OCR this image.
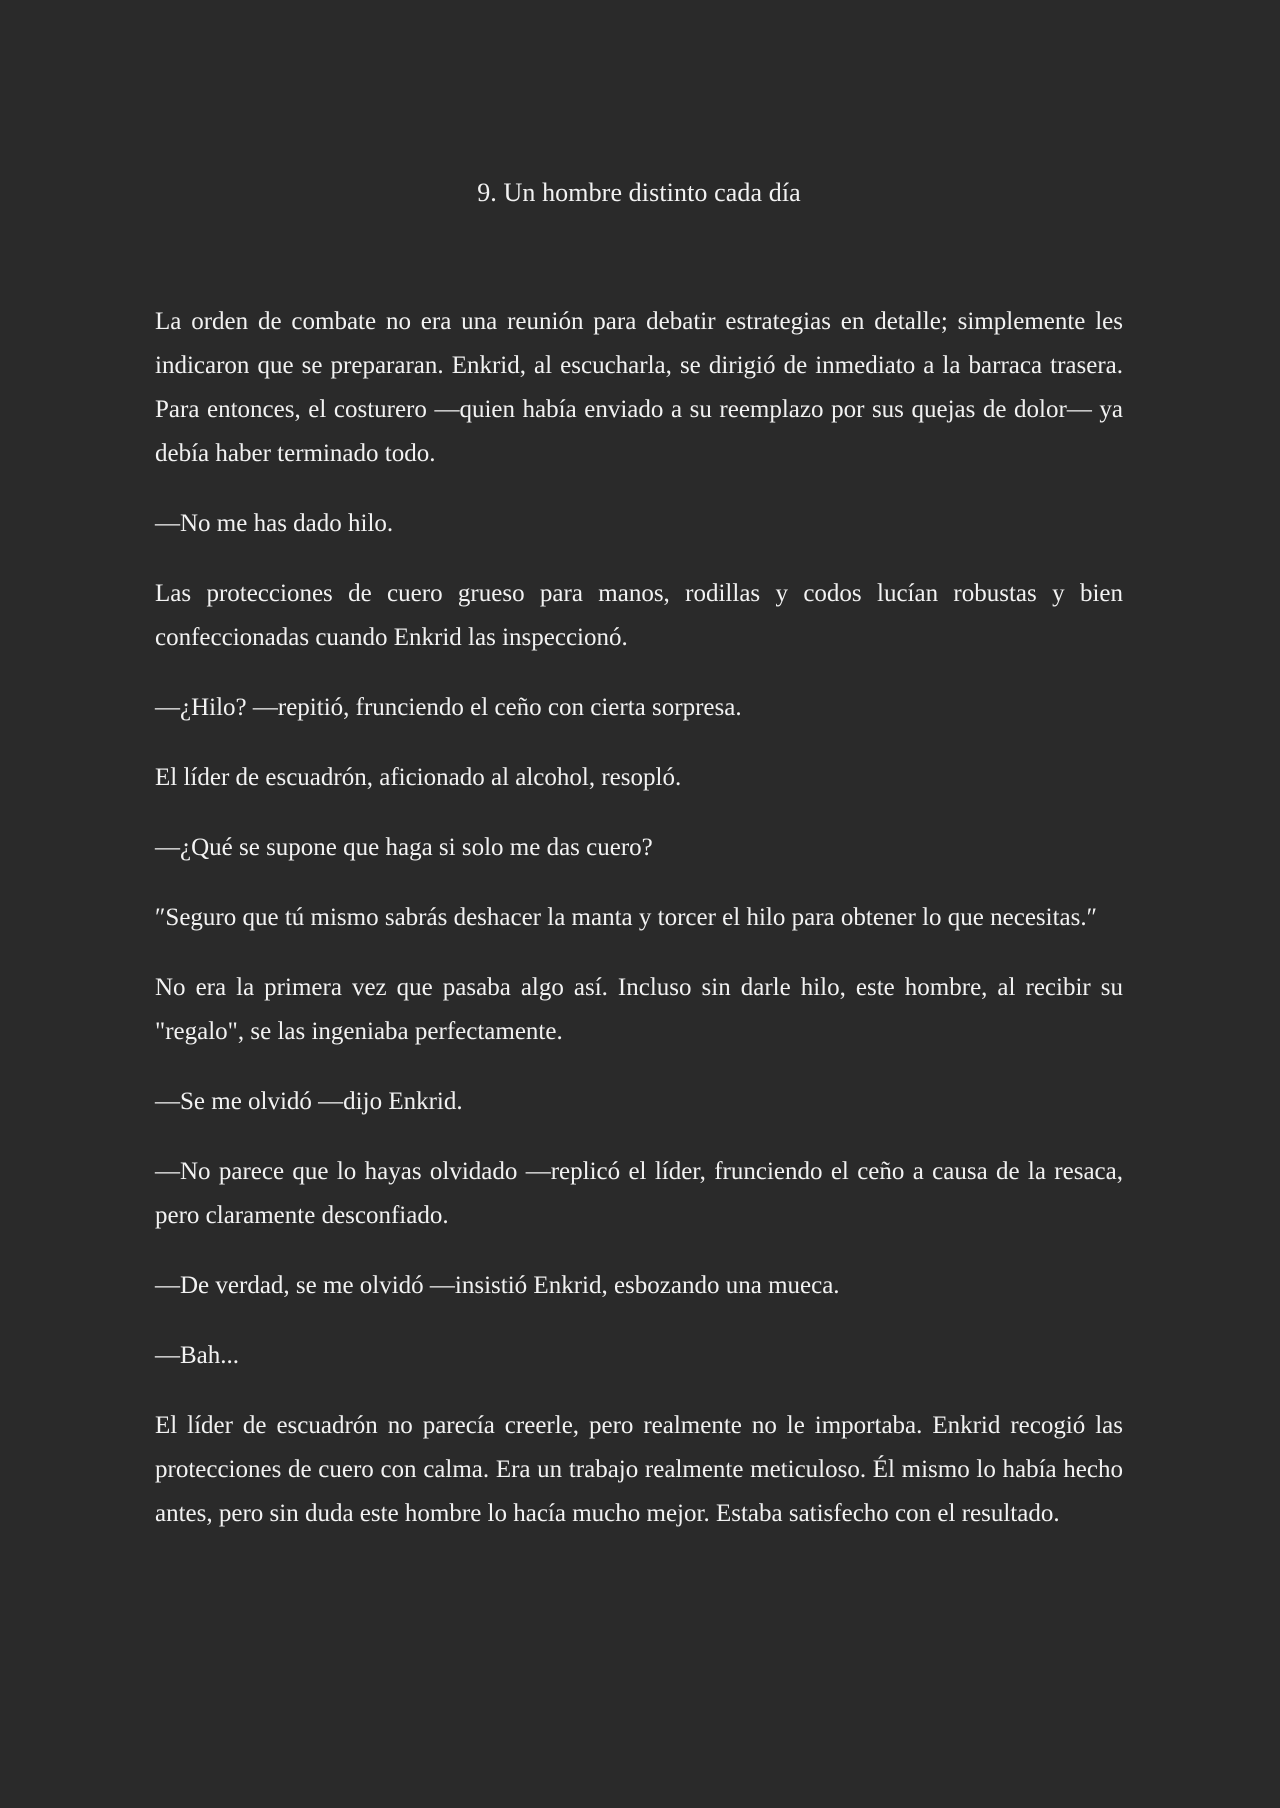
9. Un hombre distinto cada día

La orden de combate no era una reunión para debatir estrategias en detalle; simplemente les indicaron que se prepararan. Enkrid, al escucharla, se dirigió de inmediato a la barraca trasera. Para entonces, el costurero —quien había enviado a su reemplazo por sus quejas de dolor— ya debía haber terminado todo.

—No me has dado hilo.

Las protecciones de cuero grueso para manos, rodillas y codos lucían robustas y bien confeccionadas cuando Enkrid las inspeccionó.

—¿Hilo? —repitió, frunciendo el ceño con cierta sorpresa.

El líder de escuadrón, aficionado al alcohol, resopló.

—¿Qué se supone que haga si solo me das cuero?

″Seguro que tú mismo sabrás deshacer la manta y torcer el hilo para obtener lo que necesitas.″

No era la primera vez que pasaba algo así. Incluso sin darle hilo, este hombre, al recibir su "regalo", se las ingeniaba perfectamente.

—Se me olvidó —dijo Enkrid.

—No parece que lo hayas olvidado —replicó el líder, frunciendo el ceño a causa de la resaca, pero claramente desconfiado.

—De verdad, se me olvidó —insistió Enkrid, esbozando una mueca.

—Bah...

El líder de escuadrón no parecía creerle, pero realmente no le importaba. Enkrid recogió las protecciones de cuero con calma. Era un trabajo realmente meticuloso. Él mismo lo había hecho antes, pero sin duda este hombre lo hacía mucho mejor. Estaba satisfecho con el resultado.
